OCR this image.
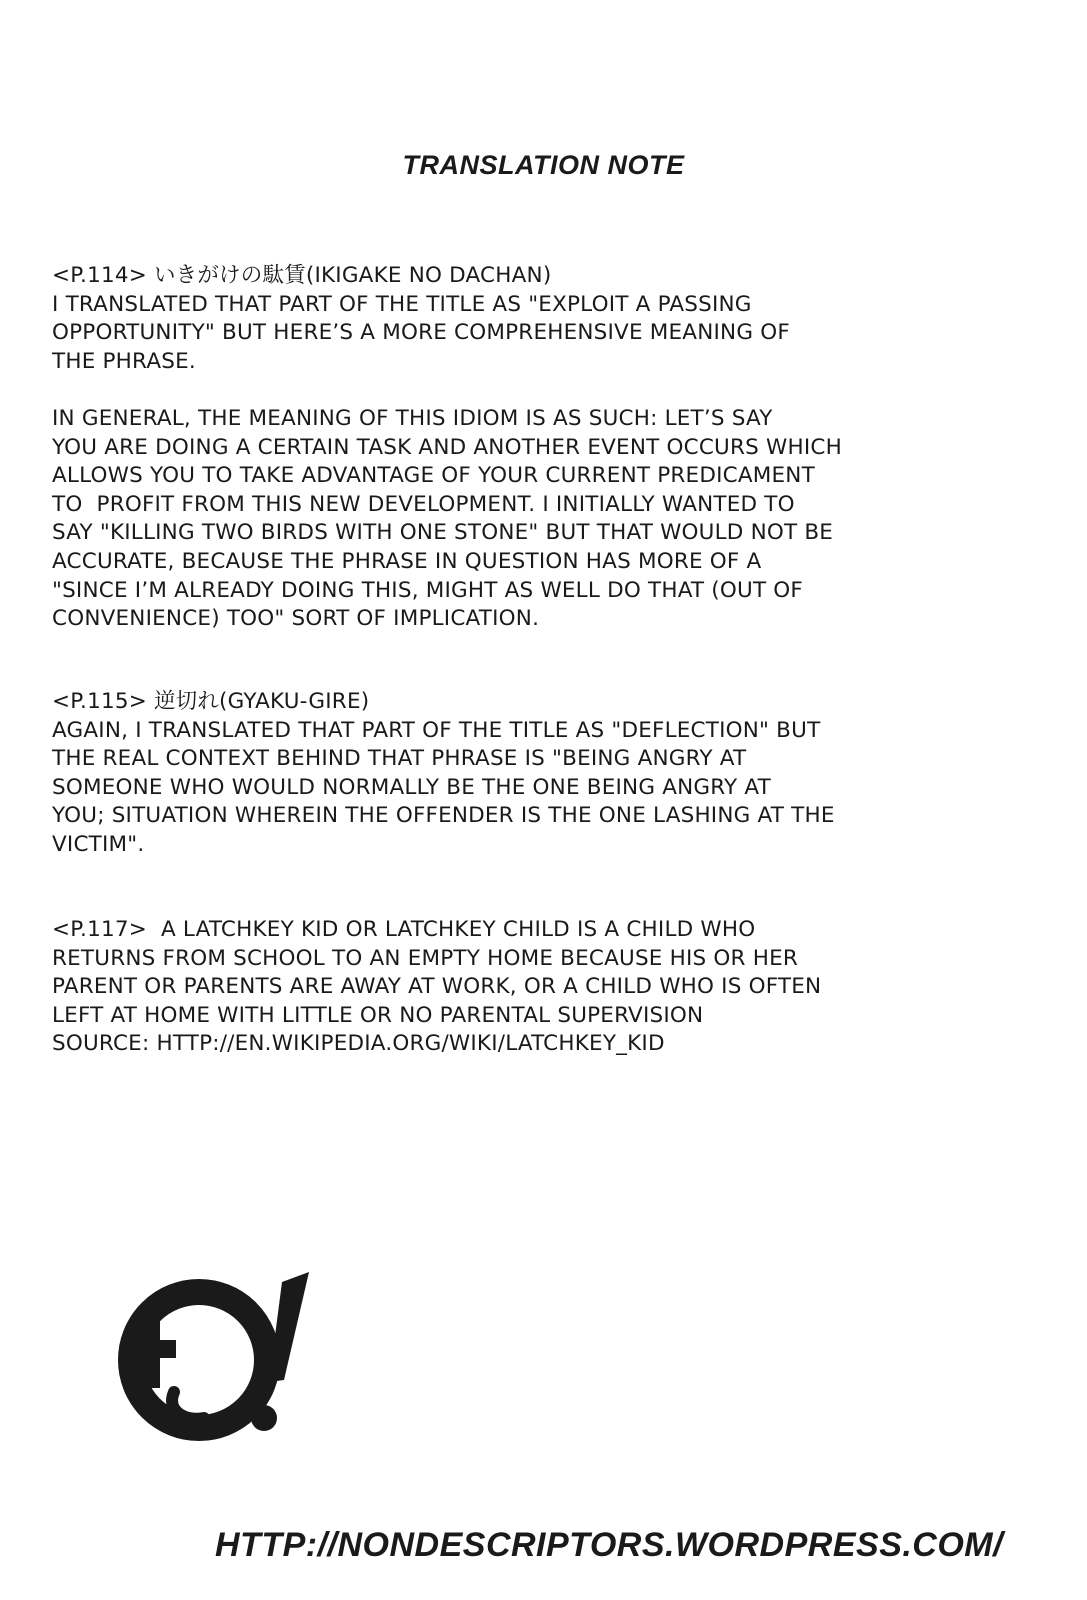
TRANSLATION NOTE
<P.114> いきがけの駄賃(IKIGAKE NO DACHAN)
I TRANSLATED THAT PART OF THE TITLE AS "EXPLOIT A PASSING
OPPORTUNITY" BUT HERE’S A MORE COMPREHENSIVE MEANING OF
THE PHRASE.
IN GENERAL, THE MEANING OF THIS IDIOM IS AS SUCH: LET’S SAY
YOU ARE DOING A CERTAIN TASK AND ANOTHER EVENT OCCURS WHICH
ALLOWS YOU TO TAKE ADVANTAGE OF YOUR CURRENT PREDICAMENT
TO  PROFIT FROM THIS NEW DEVELOPMENT. I INITIALLY WANTED TO
SAY "KILLING TWO BIRDS WITH ONE STONE" BUT THAT WOULD NOT BE
ACCURATE, BECAUSE THE PHRASE IN QUESTION HAS MORE OF A
"SINCE I’M ALREADY DOING THIS, MIGHT AS WELL DO THAT (OUT OF
CONVENIENCE) TOO" SORT OF IMPLICATION.
<P.115> 逆切れ(GYAKU-GIRE)
AGAIN, I TRANSLATED THAT PART OF THE TITLE AS "DEFLECTION" BUT
THE REAL CONTEXT BEHIND THAT PHRASE IS "BEING ANGRY AT
SOMEONE WHO WOULD NORMALLY BE THE ONE BEING ANGRY AT
YOU; SITUATION WHEREIN THE OFFENDER IS THE ONE LASHING AT THE
VICTIM".
<P.117>  A LATCHKEY KID OR LATCHKEY CHILD IS A CHILD WHO
RETURNS FROM SCHOOL TO AN EMPTY HOME BECAUSE HIS OR HER
PARENT OR PARENTS ARE AWAY AT WORK, OR A CHILD WHO IS OFTEN
LEFT AT HOME WITH LITTLE OR NO PARENTAL SUPERVISION
SOURCE: HTTP://EN.WIKIPEDIA.ORG/WIKI/LATCHKEY_KID
HTTP://NONDESCRIPTORS.WORDPRESS.COM/
